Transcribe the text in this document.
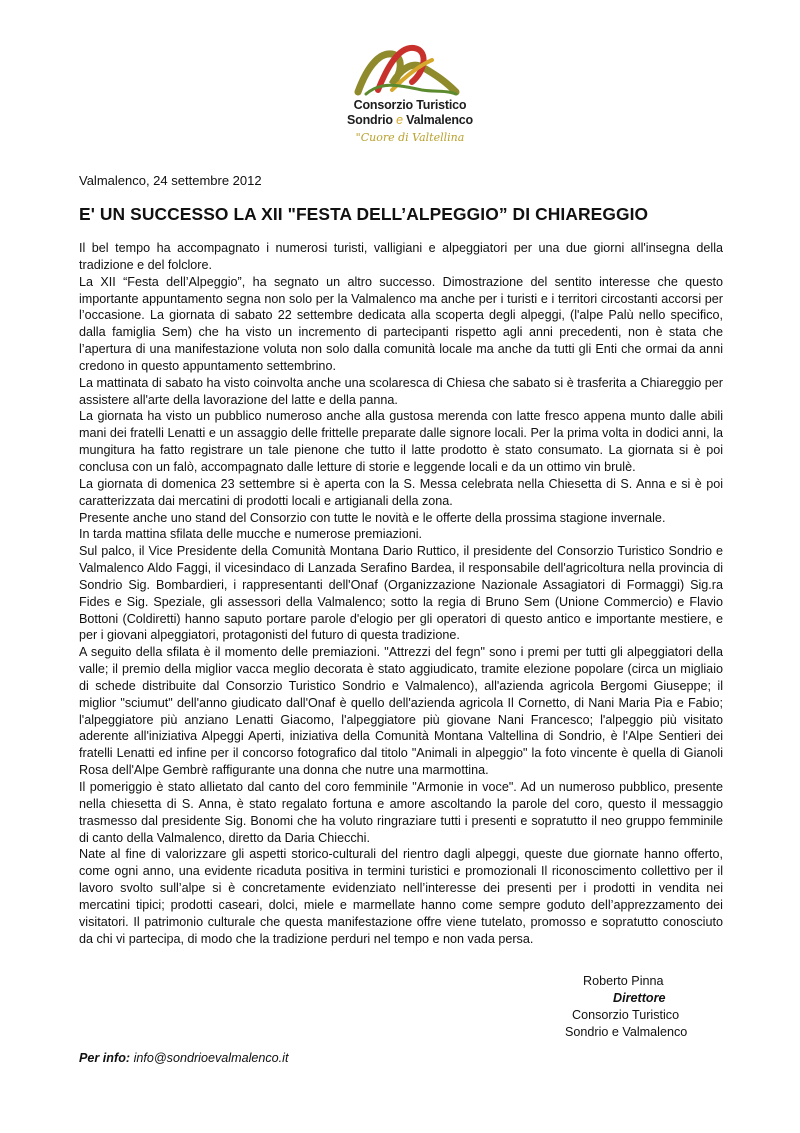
Consorzio Turistico
Sondrio e Valmalenco
"Cuore di Valtellina
Valmalenco, 24 settembre 2012
E' UN SUCCESSO LA XII "FESTA DELL’ALPEGGIO” DI CHIAREGGIO

Il bel tempo ha accompagnato i numerosi turisti, valligiani e alpeggiatori per una due giorni all'insegna della tradizione e del folclore.

La XII “Festa dell’Alpeggio”, ha segnato un altro successo. Dimostrazione del sentito interesse che questo importante appuntamento segna non solo per la Valmalenco ma anche per i turisti e i territori circostanti accorsi per l’occasione. La giornata di sabato 22 settembre dedicata alla scoperta degli alpeggi, (l'alpe Palù nello specifico, dalla famiglia Sem) che ha visto un incremento di partecipanti rispetto agli anni precedenti, non è stata che l’apertura di una manifestazione voluta non solo dalla comunità locale ma anche da tutti gli Enti che ormai da anni credono in questo appuntamento settembrino.

La mattinata di sabato ha visto coinvolta anche una scolaresca di Chiesa che sabato si è trasferita a Chiareggio per assistere all'arte della lavorazione del latte e della panna.

La giornata ha visto un pubblico numeroso anche alla gustosa merenda con latte fresco appena munto dalle abili mani dei fratelli Lenatti e un assaggio delle frittelle preparate dalle signore locali. Per la prima volta in dodici anni, la mungitura ha fatto registrare un tale pienone che tutto il latte prodotto è stato consumato. La giornata si è poi conclusa con un falò, accompagnato dalle letture di storie e leggende locali e da un ottimo vin brulè.

La giornata di domenica 23 settembre si è aperta con la S. Messa celebrata nella Chiesetta di S. Anna e si è poi caratterizzata dai mercatini di prodotti locali e artigianali della zona.

Presente anche uno stand del Consorzio con tutte le novità e le offerte della prossima stagione invernale.

In tarda mattina sfilata delle mucche e numerose premiazioni.

Sul palco, il Vice Presidente della Comunità Montana Dario Ruttico, il presidente del Consorzio Turistico Sondrio e Valmalenco Aldo Faggi, il vicesindaco di Lanzada Serafino Bardea, il responsabile dell'agricoltura nella provincia di Sondrio Sig. Bombardieri, i rappresentanti dell'Onaf (Organizzazione Nazionale Assagiatori di Formaggi) Sig.ra Fides e Sig. Speziale, gli assessori della Valmalenco; sotto la regia di Bruno Sem (Unione Commercio) e Flavio Bottoni (Coldiretti) hanno saputo portare parole d'elogio per gli operatori di questo antico e importante mestiere, e per i giovani alpeggiatori, protagonisti del futuro di questa tradizione.

A seguito della sfilata è il momento delle premiazioni. "Attrezzi del fegn" sono i premi per tutti gli alpeggiatori della valle; il premio della miglior vacca meglio decorata è stato aggiudicato, tramite elezione popolare (circa un migliaio di schede distribuite dal Consorzio Turistico Sondrio e Valmalenco), all'azienda agricola Bergomi Giuseppe; il miglior "sciumut" dell'anno giudicato dall'Onaf è quello dell'azienda agricola Il Cornetto, di Nani Maria Pia e Fabio; l'alpeggiatore più anziano Lenatti Giacomo, l'alpeggiatore più giovane Nani Francesco; l'alpeggio più visitato aderente all'iniziativa Alpeggi Aperti, iniziativa della Comunità Montana Valtellina di Sondrio, è l'Alpe Sentieri dei fratelli Lenatti ed infine per il concorso fotografico dal titolo "Animali in alpeggio" la foto vincente è quella di Gianoli Rosa dell'Alpe Gembrè raffigurante una donna che nutre una marmottina.

Il pomeriggio è stato allietato dal canto del coro femminile "Armonie in voce". Ad un numeroso pubblico, presente nella chiesetta di S. Anna, è stato regalato fortuna e amore ascoltando la parole del coro, questo il messaggio trasmesso dal presidente Sig. Bonomi che ha voluto ringraziare tutti i presenti e sopratutto il neo gruppo femminile di canto della Valmalenco, diretto da Daria Chiecchi.

Nate al fine di valorizzare gli aspetti storico-culturali del rientro dagli alpeggi, queste due giornate hanno offerto, come ogni anno, una evidente ricaduta positiva in termini turistici e promozionali Il riconoscimento collettivo per il lavoro svolto sull’alpe si è concretamente evidenziato nell’interesse dei presenti per i prodotti in vendita nei mercatini tipici; prodotti caseari, dolci, miele e marmellate hanno come sempre goduto dell’apprezzamento dei visitatori. Il patrimonio culturale che questa manifestazione offre viene tutelato, promosso e sopratutto conosciuto da chi vi partecipa, di modo che la tradizione perduri nel tempo e non vada persa.

Roberto Pinna
Direttore
Consorzio Turistico
Sondrio e Valmalenco
Per info: info@sondrioevalmalenco.it
